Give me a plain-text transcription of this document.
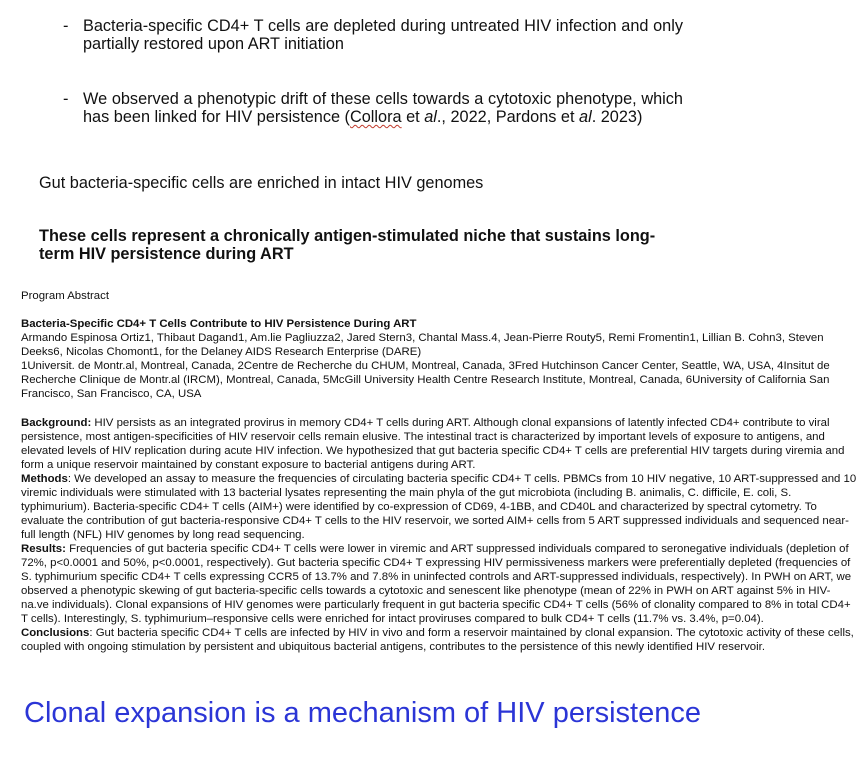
- Bacteria-specific CD4+ T cells are depleted during untreated HIV infection and only partially restored upon ART initiation
- We observed a phenotypic drift of these cells towards a cytotoxic phenotype, which has been linked for HIV persistence (Collora et al., 2022, Pardons et al. 2023)
Gut bacteria-specific cells are enriched in intact HIV genomes
These cells represent a chronically antigen-stimulated niche that sustains long-term HIV persistence during ART
Program Abstract

Bacteria-Specific CD4+ T Cells Contribute to HIV Persistence During ART

Armando Espinosa Ortiz1, Thibaut Dagand1, Am.lie Pagliuzza2, Jared Stern3, Chantal Mass.4, Jean-Pierre Routy5, Remi Fromentin1, Lillian B. Cohn3, Steven Deeks6, Nicolas Chomont1, for the Delaney AIDS Research Enterprise (DARE)

1Universit. de Montr.al, Montreal, Canada, 2Centre de Recherche du CHUM, Montreal, Canada, 3Fred Hutchinson Cancer Center, Seattle, WA, USA, 4Insitut de Recherche Clinique de Montr.al (IRCM), Montreal, Canada, 5McGill University Health Centre Research Institute, Montreal, Canada, 6University of California San Francisco, San Francisco, CA, USA

Background: HIV persists as an integrated provirus in memory CD4+ T cells during ART. Although clonal expansions of latently infected CD4+ contribute to viral persistence, most antigen-specificities of HIV reservoir cells remain elusive. The intestinal tract is characterized by important levels of exposure to antigens, and elevated levels of HIV replication during acute HIV infection. We hypothesized that gut bacteria specific CD4+ T cells are preferential HIV targets during viremia and form a unique reservoir maintained by constant exposure to bacterial antigens during ART.

Methods: We developed an assay to measure the frequencies of circulating bacteria specific CD4+ T cells. PBMCs from 10 HIV negative, 10 ART-suppressed and 10 viremic individuals were stimulated with 13 bacterial lysates representing the main phyla of the gut microbiota (including B. animalis, C. difficile, E. coli, S. typhimurium). Bacteria-specific CD4+ T cells (AIM+) were identified by co-expression of CD69, 4-1BB, and CD40L and characterized by spectral cytometry. To evaluate the contribution of gut bacteria-responsive CD4+ T cells to the HIV reservoir, we sorted AIM+ cells from 5 ART suppressed individuals and sequenced near-full length (NFL) HIV genomes by long read sequencing.

Results: Frequencies of gut bacteria specific CD4+ T cells were lower in viremic and ART suppressed individuals compared to seronegative individuals (depletion of 72%, p<0.0001 and 50%, p<0.0001, respectively). Gut bacteria specific CD4+ T expressing HIV permissiveness markers were preferentially depleted (frequencies of S. typhimurium specific CD4+ T cells expressing CCR5 of 13.7% and 7.8% in uninfected controls and ART-suppressed individuals, respectively). In PWH on ART, we observed a phenotypic skewing of gut bacteria-specific cells towards a cytotoxic and senescent like phenotype (mean of 22% in PWH on ART against 5% in HIV-na.ve individuals). Clonal expansions of HIV genomes were particularly frequent in gut bacteria specific CD4+ T cells (56% of clonality compared to 8% in total CD4+ T cells). Interestingly, S. typhimurium–responsive cells were enriched for intact proviruses compared to bulk CD4+ T cells (11.7% vs. 3.4%, p=0.04).

Conclusions: Gut bacteria specific CD4+ T cells are infected by HIV in vivo and form a reservoir maintained by clonal expansion. The cytotoxic activity of these cells, coupled with ongoing stimulation by persistent and ubiquitous bacterial antigens, contributes to the persistence of this newly identified HIV reservoir.

Clonal expansion is a mechanism of HIV persistence
